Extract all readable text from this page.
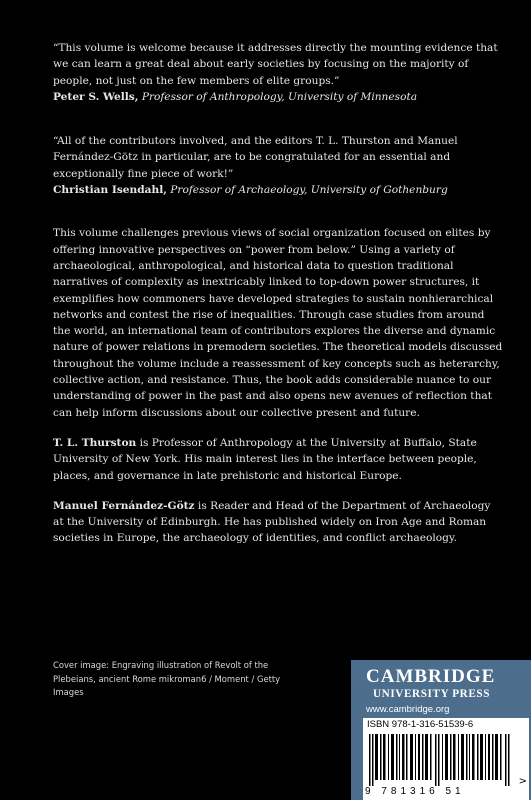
“This volume is welcome because it addresses directly the mounting evidence that we can learn a great deal about early societies by focusing on the majority of people, not just on the few members of elite groups.”

Peter S. Wells, Professor of Anthropology, University of Minnesota

“All of the contributors involved, and the editors T. L. Thurston and Manuel Fernández-Götz in particular, are to be congratulated for an essential and exceptionally fine piece of work!”

Christian Isendahl, Professor of Archaeology, University of Gothenburg

This volume challenges previous views of social organization focused on elites by offering innovative perspectives on “power from below.” Using a variety of archaeological, anthropological, and historical data to question traditional narratives of complexity as inextricably linked to top-down power structures, it exemplifies how commoners have developed strategies to sustain nonhierarchical networks and contest the rise of inequalities. Through case studies from around the world, an international team of contributors explores the diverse and dynamic nature of power relations in premodern societies. The theoretical models discussed throughout the volume include a reassessment of key concepts such as heterarchy, collective action, and resistance. Thus, the book adds considerable nuance to our understanding of power in the past and also opens new avenues of reflection that can help inform discussions about our collective present and future.

T. L. Thurston is Professor of Anthropology at the University at Buffalo, State University of New York. His main interest lies in the interface between people, places, and governance in late prehistoric and historical Europe.

Manuel Fernández-Götz is Reader and Head of the Department of Archaeology at the University of Edinburgh. He has published widely on Iron Age and Roman societies in Europe, the archaeology of identities, and conflict archaeology.

Cover image: Engraving illustration of Revolt of the Plebeians, ancient Rome mikroman6 / Moment / Getty Images
CAMBRIDGE
UNIVERSITY PRESS
www.cambridge.org
ISBN 978-1-316-51539-6
9 781316 51
>
